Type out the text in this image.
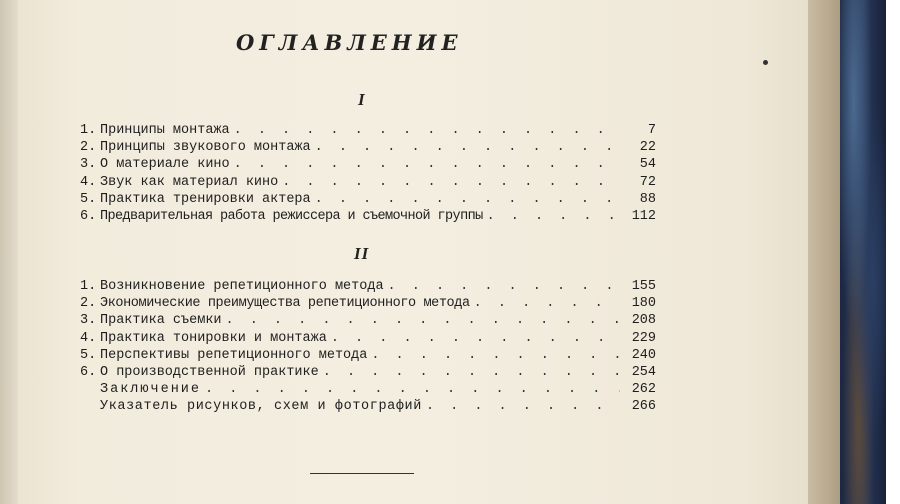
ОГЛАВЛЕНИЕ
I
1. Принципы монтажа . . .	7
2. Принципы звукового монтажа . . .	22
3. О материале кино . . .	54
4. Звук как материал кино . . .	72
5. Практика тренировки актера . . .	88
6. Предварительная работа режиссера и съемочной группы . . .	112
II
1. Возникновение репетиционного метода . . .	155
2. Экономические преимущества репетиционного метода . . .	180
3. Практика съемки . . .	208
4. Практика тонировки и монтажа . . .	229
5. Перспективы репетиционного метода . . .	240
6. О производственной практике . . .	254
Заключение . . .	262
Указатель рисунков, схем и фотографий . . .	266
